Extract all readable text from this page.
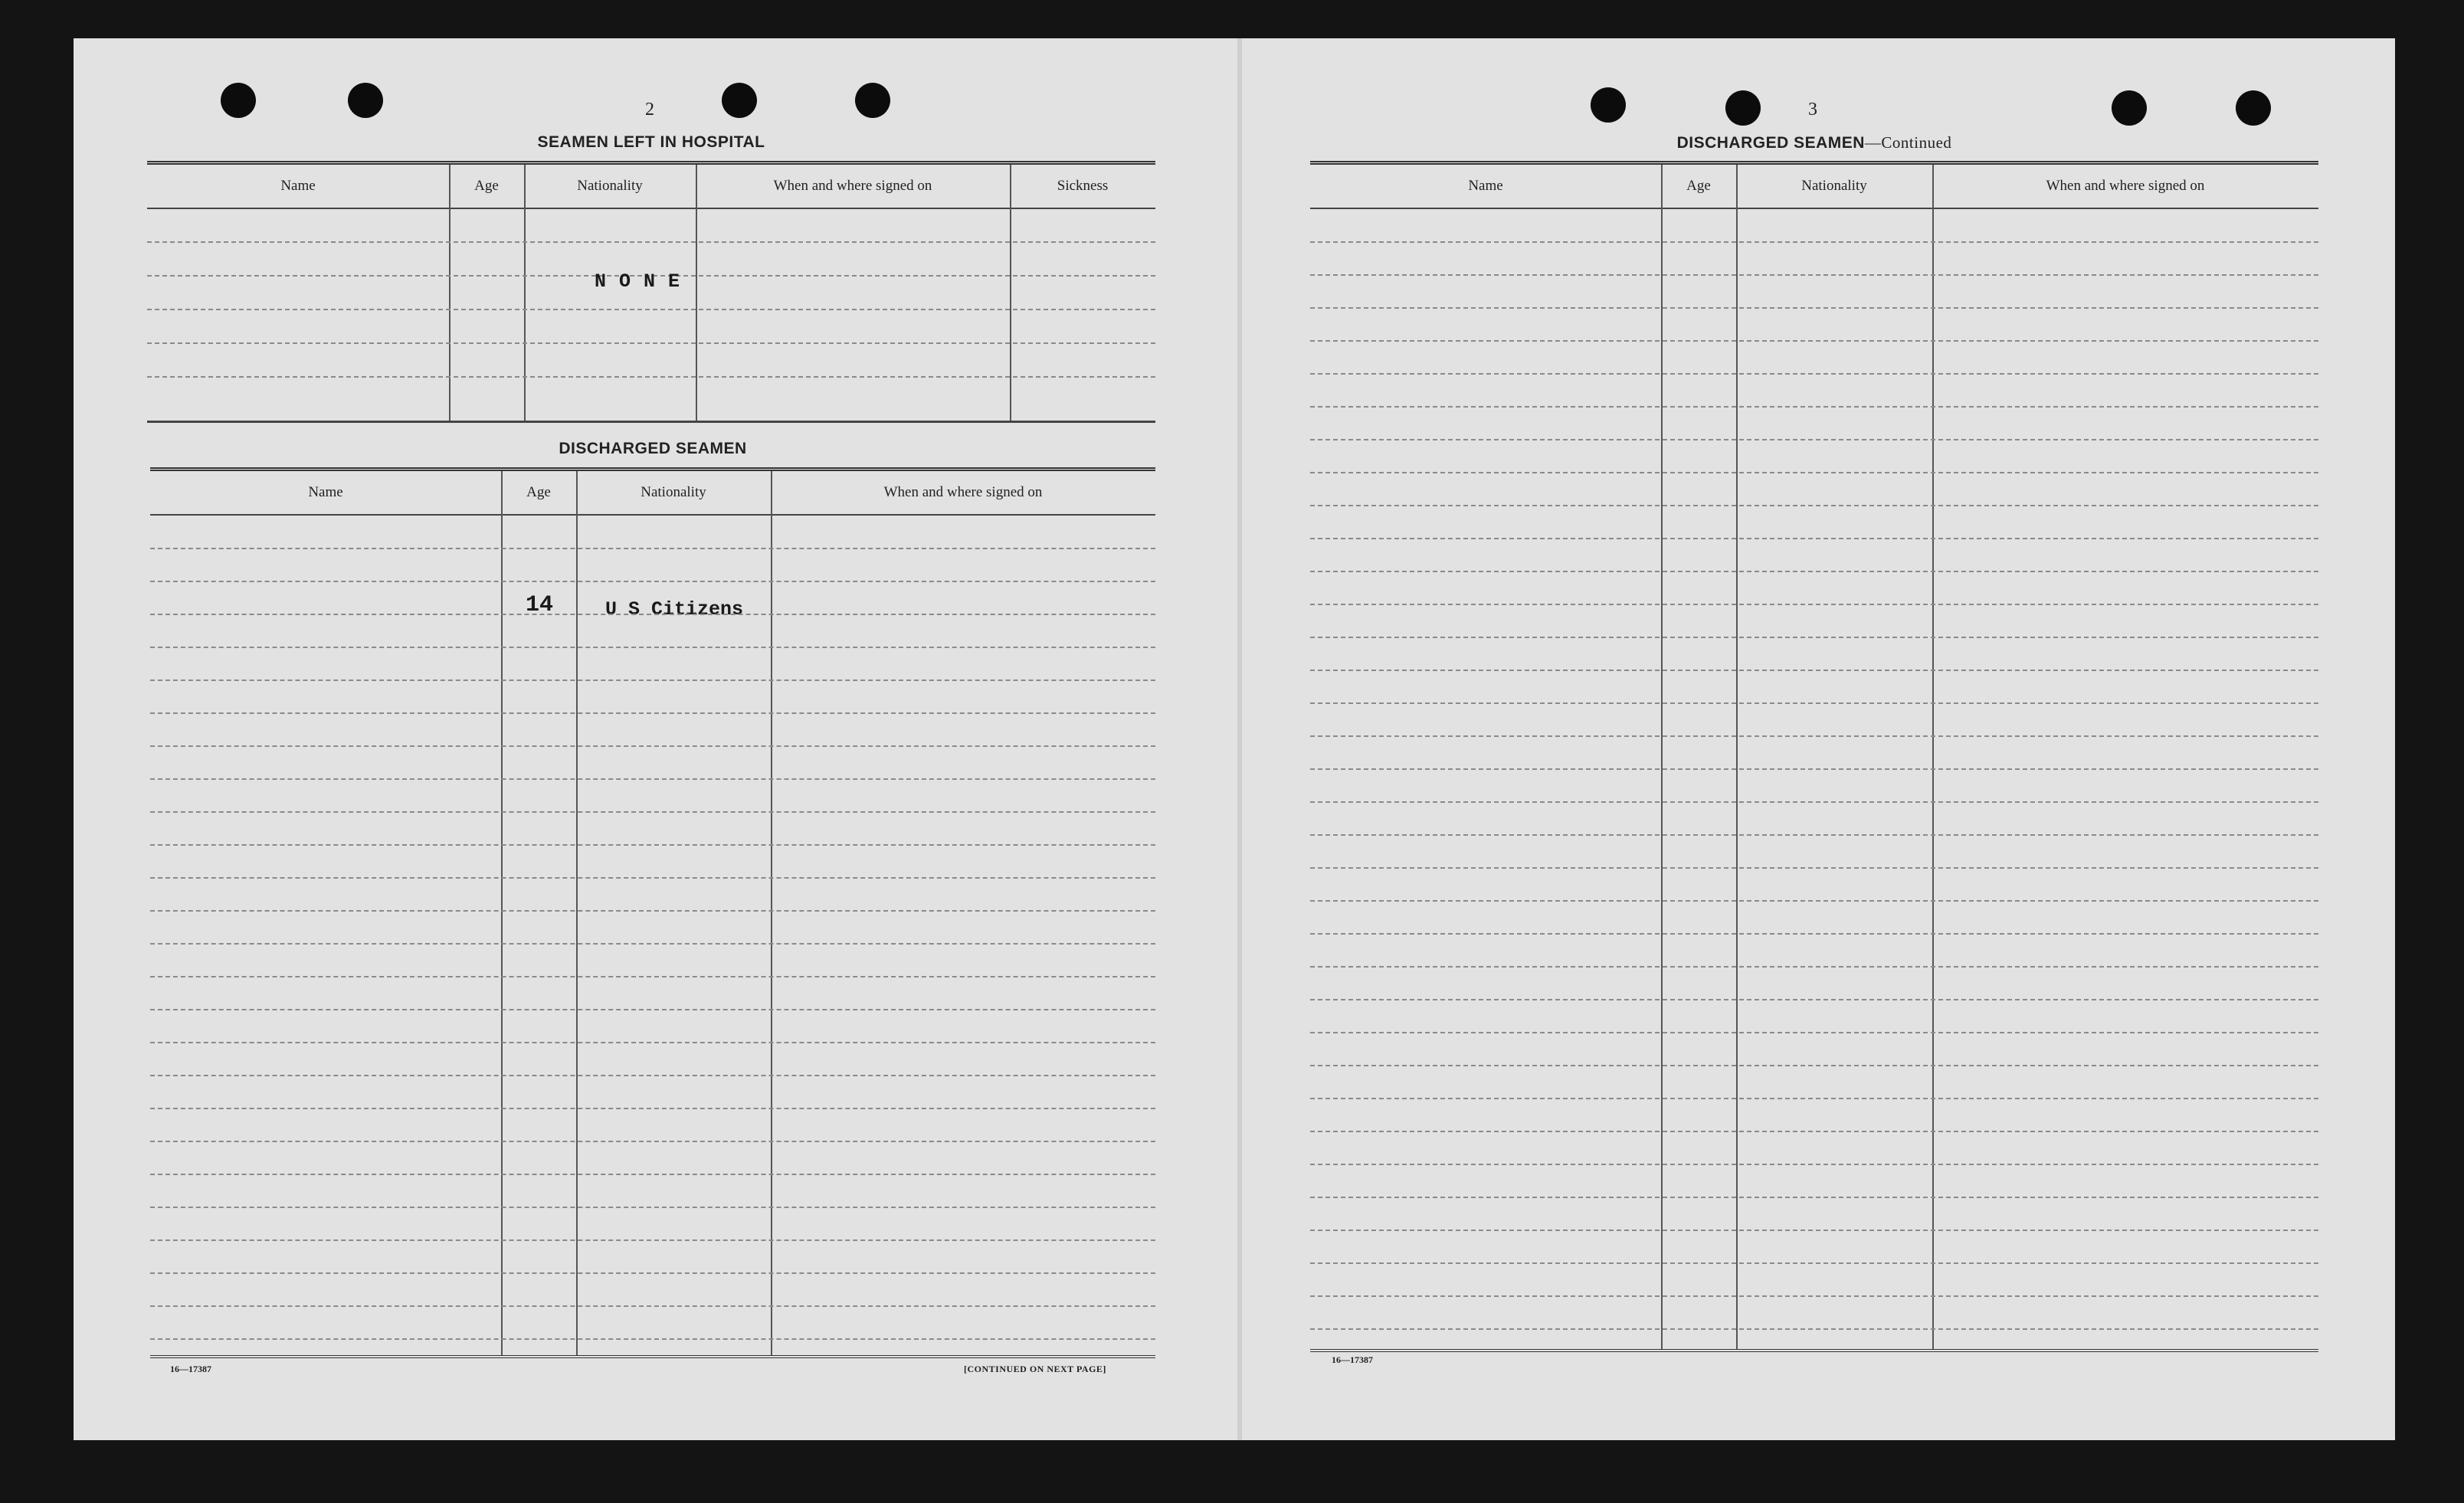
2
SEAMEN LEFT IN HOSPITAL
Name	Age	Nationality	When and where signed on	Sickness
N O N E
DISCHARGED SEAMEN
Name	Age	Nationality	When and where signed on
14	U S Citizens
16—17387	[CONTINUED ON NEXT PAGE]
3
DISCHARGED SEAMEN—Continued
Name	Age	Nationality	When and where signed on
16—17387
